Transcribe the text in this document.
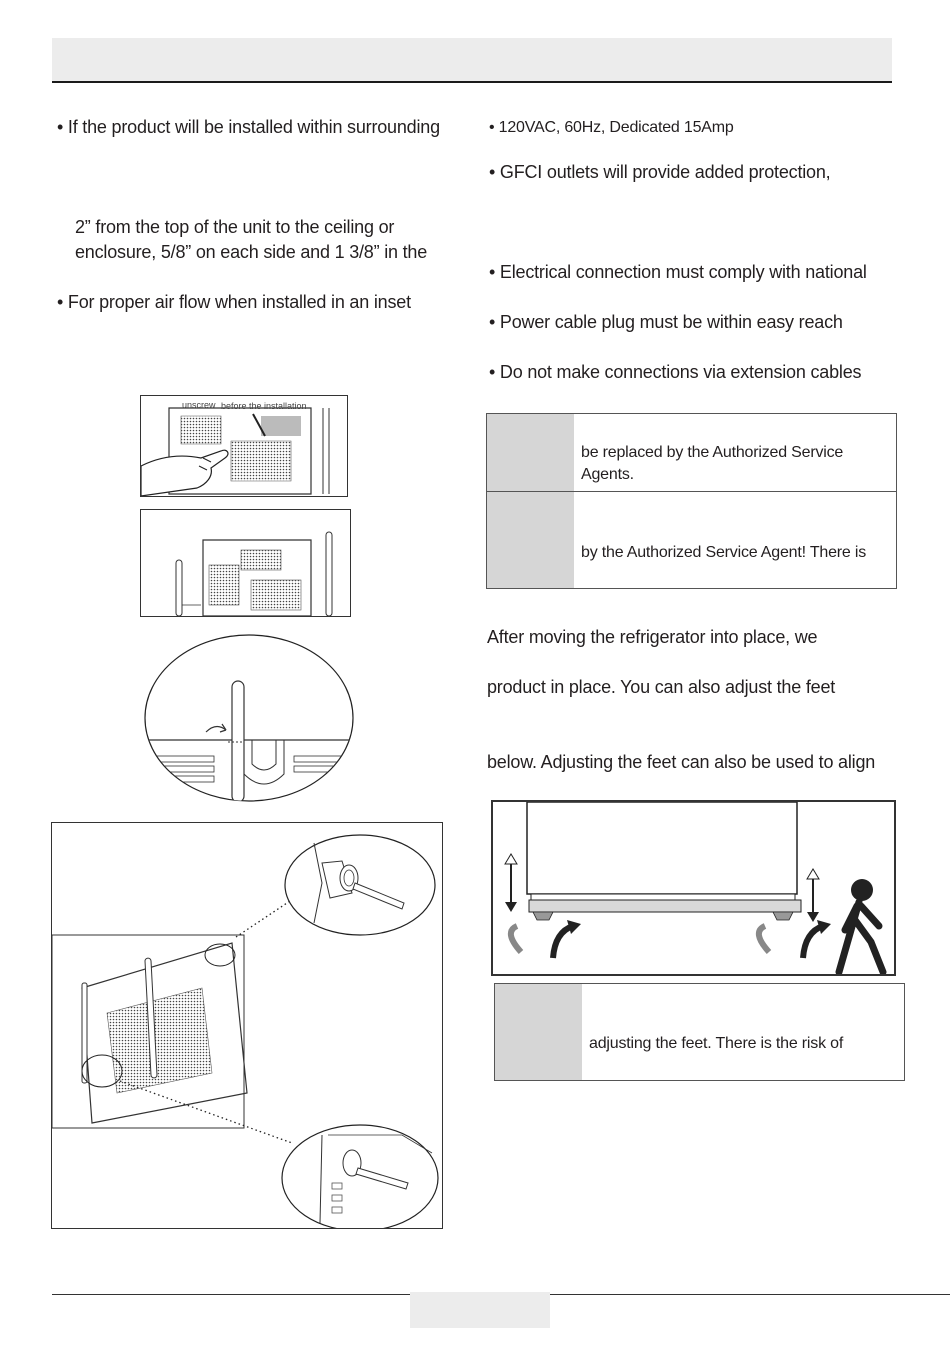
• If the product will be installed within surrounding
2” from the top of the unit to the ceiling or
enclosure, 5/8” on each side and 1 3/8” in the
• For proper air flow when installed in an inset
unscrew before the installation
• 120VAC, 60Hz, Dedicated 15Amp
• GFCI outlets will provide added protection,
• Electrical connection must comply with national
• Power cable plug must be within easy reach
• Do not make connections via extension cables
be replaced by the Authorized Service
Agents.
by the Authorized Service Agent! There is
After moving the refrigerator into place, we
product in place. You can also adjust the feet
below. Adjusting the feet can also be used to align
adjusting the feet. There is the risk of
